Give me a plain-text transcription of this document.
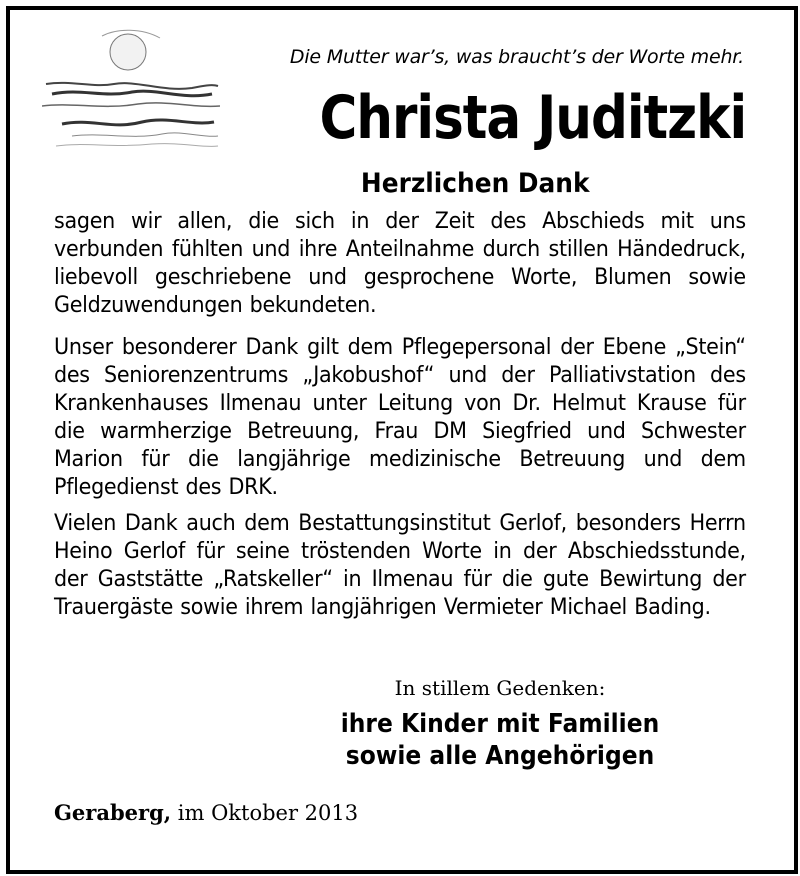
Die Mutter war’s, was braucht’s der Worte mehr.
Christa Juditzki
Herzlichen Dank
sagen wir allen, die sich in der Zeit des Abschieds mit uns verbunden fühlten und ihre Anteilnahme durch stillen Händedruck, liebevoll geschriebene und gesprochene Worte, Blumen sowie Geldzuwendungen bekundeten.
Unser besonderer Dank gilt dem Pflegepersonal der Ebene „Stein“ des Seniorenzentrums „Jakobushof“ und der Palliativstation des Krankenhauses Ilmenau unter Leitung von Dr. Helmut Krause für die warmherzige Betreuung, Frau DM Siegfried und Schwester Marion für die langjährige medizinische Betreuung und dem Pflegedienst des DRK.
Vielen Dank auch dem Bestattungsinstitut Gerlof, besonders Herrn Heino Gerlof für seine tröstenden Worte in der Abschiedsstunde, der Gaststätte „Ratskeller“ in Ilmenau für die gute Bewirtung der Trauergäste sowie ihrem langjährigen Vermieter Michael Bading.
In stillem Gedenken:
ihre Kinder mit Familien
sowie alle Angehörigen
Geraberg, im Oktober 2013
